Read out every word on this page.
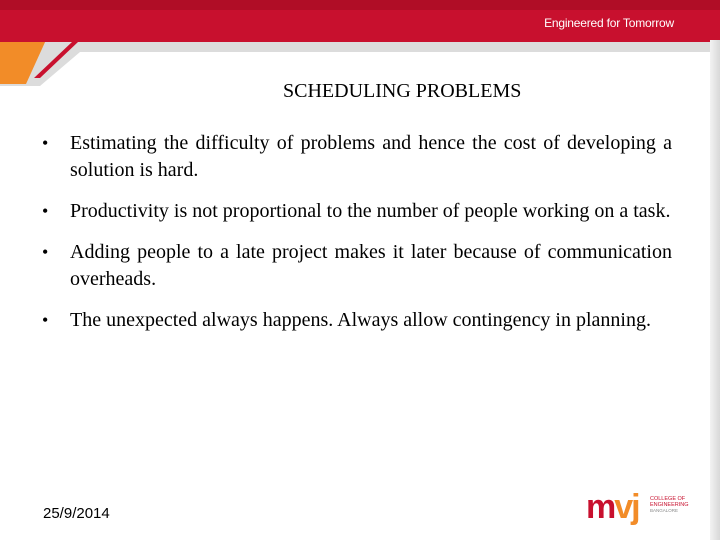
Engineered for Tomorrow
SCHEDULING PROBLEMS
•	Estimating the difficulty of problems and hence the cost of developing a solution is hard.
•	Productivity is not proportional to the number of people working on a task.
•	Adding people to a late project makes it later because of communication overheads.
•	The unexpected always happens. Always allow contingency in planning.
25/9/2014	mvj COLLEGE OF
ENGINEERING
BANGALORE
